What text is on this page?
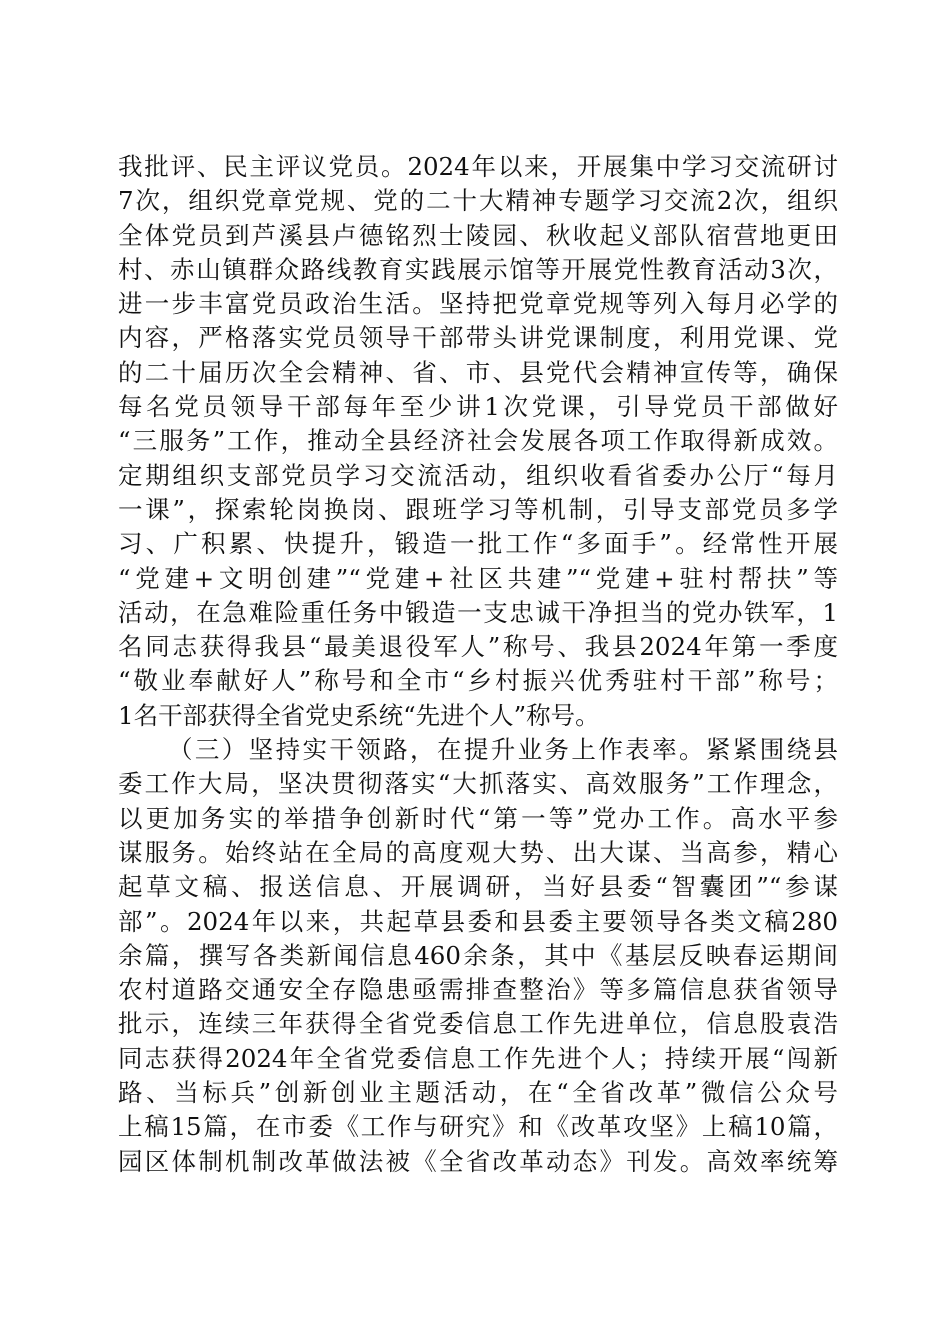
我批评、民主评议党员。2024年以来，开展集中学习交流研讨
7次，组织党章党规、党的二十大精神专题学习交流2次，组织
全体党员到芦溪县卢德铭烈士陵园、秋收起义部队宿营地更田
村、赤山镇群众路线教育实践展示馆等开展党性教育活动3次，
进一步丰富党员政治生活。坚持把党章党规等列入每月必学的
内容，严格落实党员领导干部带头讲党课制度，利用党课、党
的二十届历次全会精神、省、市、县党代会精神宣传等，确保
每名党员领导干部每年至少讲1次党课，引导党员干部做好
“三服务”工作，推动全县经济社会发展各项工作取得新成效。
定期组织支部党员学习交流活动，组织收看省委办公厅“每月
一课”，探索轮岗换岗、跟班学习等机制，引导支部党员多学
习、广积累、快提升，锻造一批工作“多面手”。经常性开展
“党建+文明创建”“党建+社区共建”“党建+驻村帮扶”等
活动，在急难险重任务中锻造一支忠诚干净担当的党办铁军，1
名同志获得我县“最美退役军人”称号、我县2024年第一季度
“敬业奉献好人”称号和全市“乡村振兴优秀驻村干部”称号；
1名干部获得全省党史系统“先进个人”称号。
（三）坚持实干领路，在提升业务上作表率。紧紧围绕县
委工作大局，坚决贯彻落实“大抓落实、高效服务”工作理念，
以更加务实的举措争创新时代“第一等”党办工作。高水平参
谋服务。始终站在全局的高度观大势、出大谋、当高参，精心
起草文稿、报送信息、开展调研，当好县委“智囊团”“参谋
部”。2024年以来，共起草县委和县委主要领导各类文稿280
余篇，撰写各类新闻信息460余条，其中《基层反映春运期间
农村道路交通安全存隐患亟需排查整治》等多篇信息获省领导
批示，连续三年获得全省党委信息工作先进单位，信息股袁浩
同志获得2024年全省党委信息工作先进个人；持续开展“闯新
路、当标兵”创新创业主题活动，在“全省改革”微信公众号
上稿15篇，在市委《工作与研究》和《改革攻坚》上稿10篇，
园区体制机制改革做法被《全省改革动态》刊发。高效率统筹
